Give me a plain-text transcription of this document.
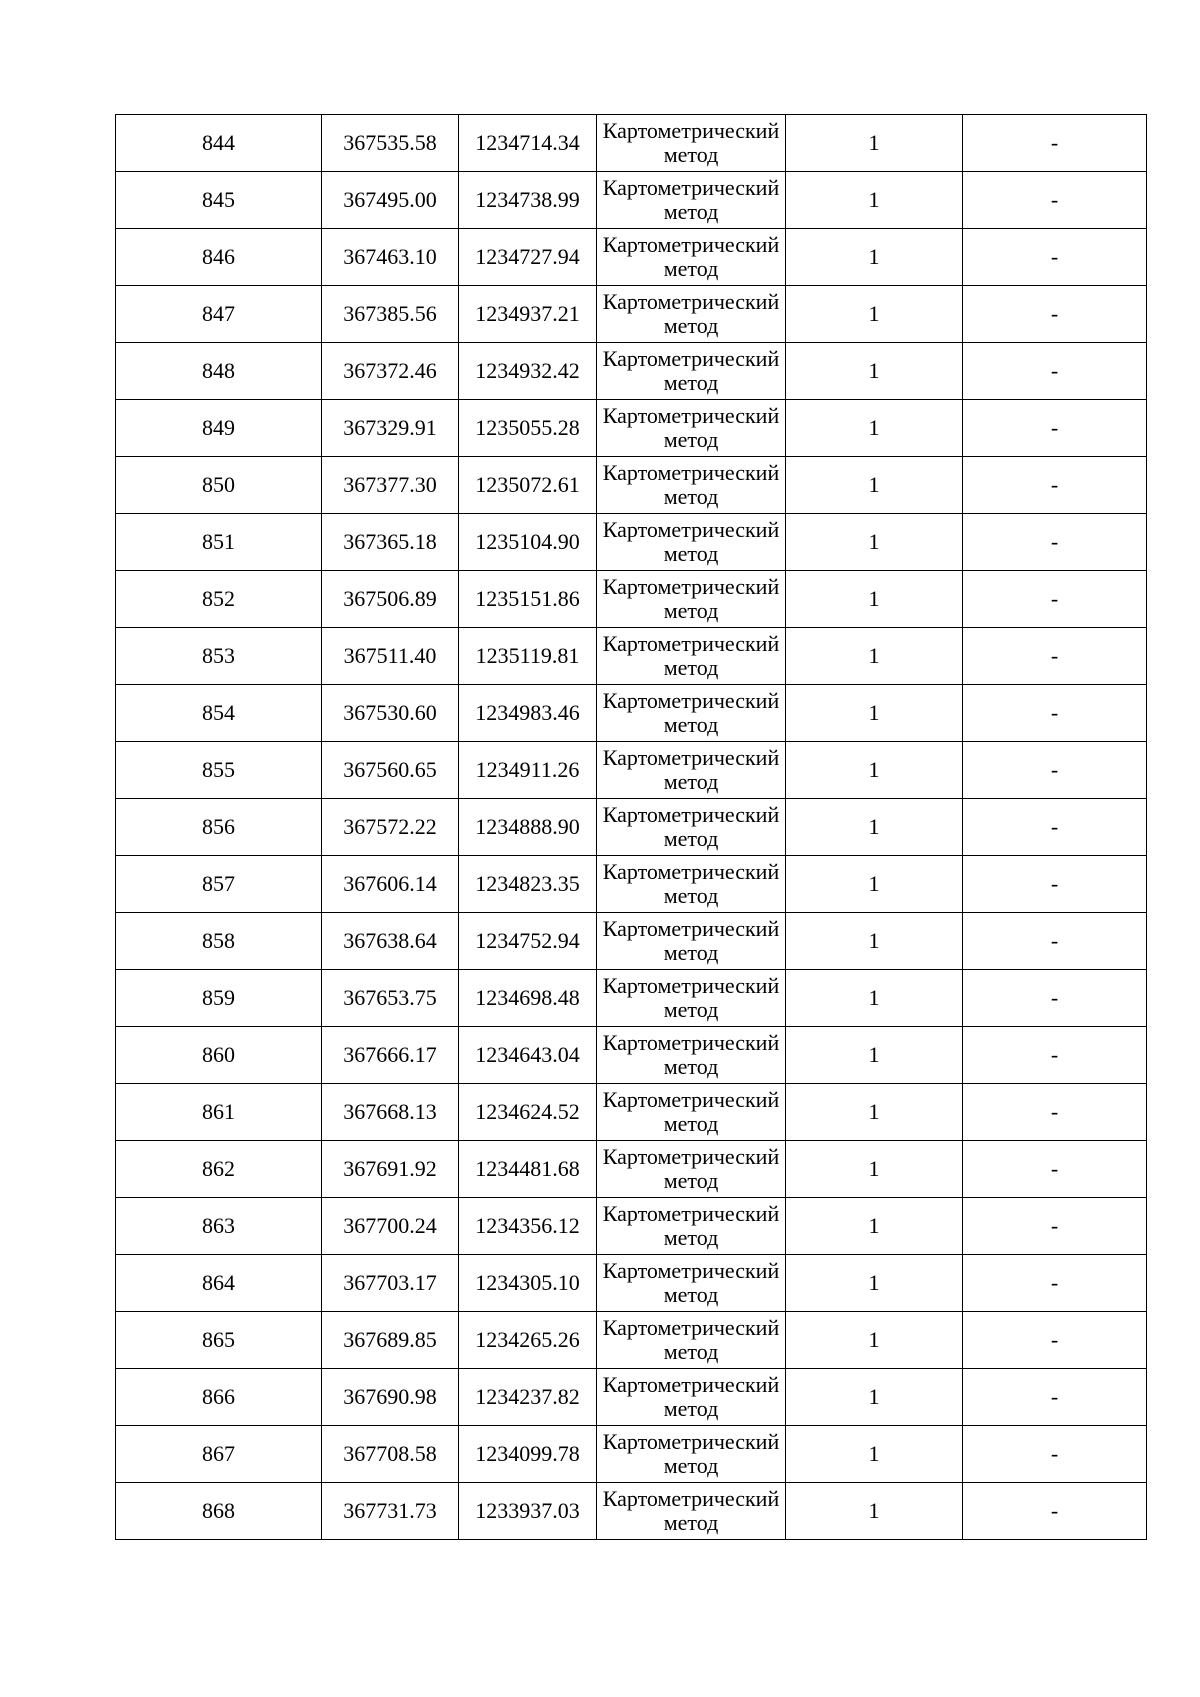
844	367535.58	1234714.34	Картометрический метод	1	-
845	367495.00	1234738.99	Картометрический метод	1	-
846	367463.10	1234727.94	Картометрический метод	1	-
847	367385.56	1234937.21	Картометрический метод	1	-
848	367372.46	1234932.42	Картометрический метод	1	-
849	367329.91	1235055.28	Картометрический метод	1	-
850	367377.30	1235072.61	Картометрический метод	1	-
851	367365.18	1235104.90	Картометрический метод	1	-
852	367506.89	1235151.86	Картометрический метод	1	-
853	367511.40	1235119.81	Картометрический метод	1	-
854	367530.60	1234983.46	Картометрический метод	1	-
855	367560.65	1234911.26	Картометрический метод	1	-
856	367572.22	1234888.90	Картометрический метод	1	-
857	367606.14	1234823.35	Картометрический метод	1	-
858	367638.64	1234752.94	Картометрический метод	1	-
859	367653.75	1234698.48	Картометрический метод	1	-
860	367666.17	1234643.04	Картометрический метод	1	-
861	367668.13	1234624.52	Картометрический метод	1	-
862	367691.92	1234481.68	Картометрический метод	1	-
863	367700.24	1234356.12	Картометрический метод	1	-
864	367703.17	1234305.10	Картометрический метод	1	-
865	367689.85	1234265.26	Картометрический метод	1	-
866	367690.98	1234237.82	Картометрический метод	1	-
867	367708.58	1234099.78	Картометрический метод	1	-
868	367731.73	1233937.03	Картометрический метод	1	-
